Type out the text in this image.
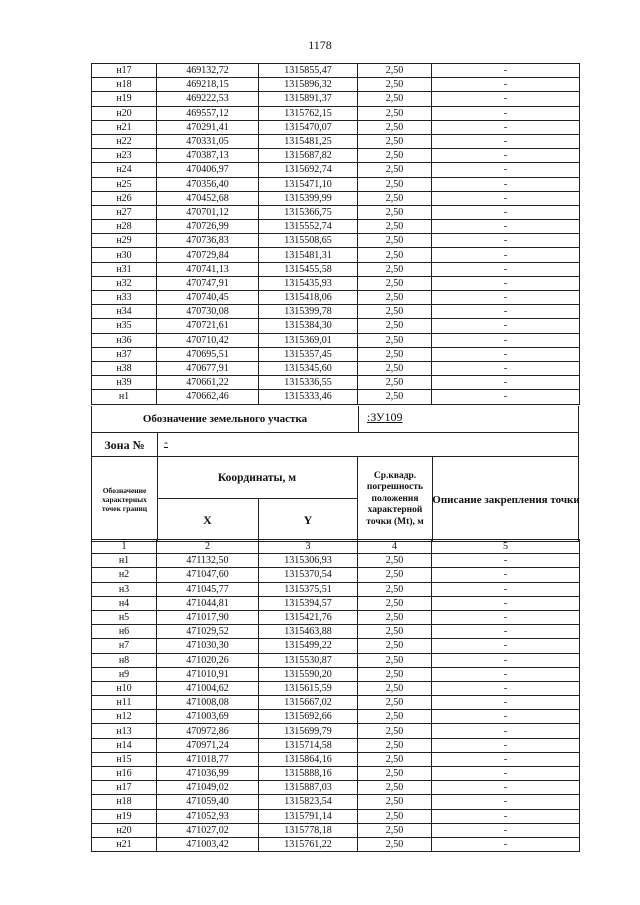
1178
н17	469132,72	1315855,47	2,50	-
н18	469218,15	1315896,32	2,50	-
н19	469222,53	1315891,37	2,50	-
н20	469557,12	1315762,15	2,50	-
н21	470291,41	1315470,07	2,50	-
н22	470331,05	1315481,25	2,50	-
н23	470387,13	1315687,82	2,50	-
н24	470406,97	1315692,74	2,50	-
н25	470356,40	1315471,10	2,50	-
н26	470452,68	1315399,99	2,50	-
н27	470701,12	1315366,75	2,50	-
н28	470726,99	1315552,74	2,50	-
н29	470736,83	1315508,65	2,50	-
н30	470729,84	1315481,31	2,50	-
н31	470741,13	1315455,58	2,50	-
н32	470747,91	1315435,93	2,50	-
н33	470740,45	1315418,06	2,50	-
н34	470730,08	1315399,78	2,50	-
н35	470721,61	1315384,30	2,50	-
н36	470710,42	1315369,01	2,50	-
н37	470695,51	1315357,45	2,50	-
н38	470677,91	1315345,60	2,50	-
н39	470661,22	1315336,55	2,50	-
н1	470662,46	1315333,46	2,50	-
Обозначение земельного участка	:ЗУ109
Зона №	-
Обозначение характерных точек границ
Координаты, м
X	Y
Ср.квадр. погрешность положения характерной точки (Mt), м
Описание закрепления точки
1	2	3	4	5
н1	471132,50	1315306,93	2,50	-
н2	471047,60	1315370,54	2,50	-
н3	471045,77	1315375,51	2,50	-
н4	471044,81	1315394,57	2,50	-
н5	471017,90	1315421,76	2,50	-
н6	471029,52	1315463,88	2,50	-
н7	471030,30	1315499,22	2,50	-
н8	471020,26	1315530,87	2,50	-
н9	471010,91	1315590,20	2,50	-
н10	471004,62	1315615,59	2,50	-
н11	471008,08	1315667,02	2,50	-
н12	471003,69	1315692,66	2,50	-
н13	470972,86	1315699,79	2,50	-
н14	470971,24	1315714,58	2,50	-
н15	471018,77	1315864,16	2,50	-
н16	471036,99	1315888,16	2,50	-
н17	471049,02	1315887,03	2,50	-
н18	471059,40	1315823,54	2,50	-
н19	471052,93	1315791,14	2,50	-
н20	471027,02	1315778,18	2,50	-
н21	471003,42	1315761,22	2,50	-
